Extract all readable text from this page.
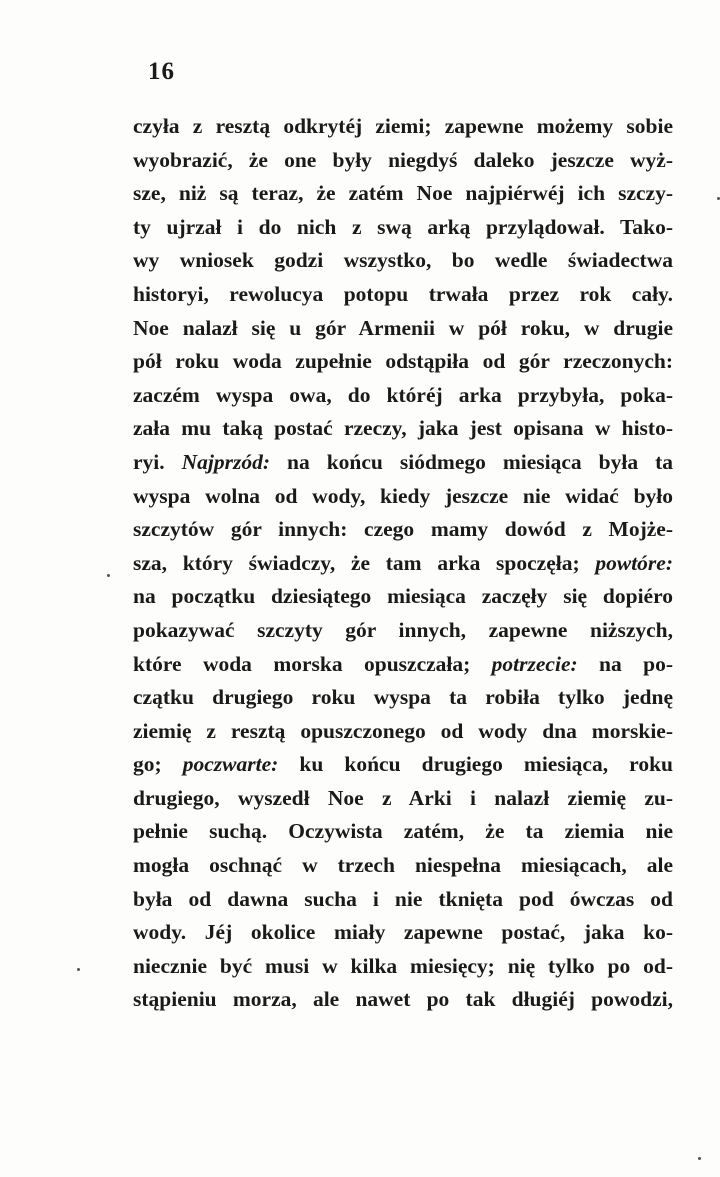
16
czyła z resztą odkrytéj ziemi; zapewne możemy sobie
wyobrazić, że one były niegdyś daleko jeszcze wyż-
sze, niż są teraz, że zatém Noe najpiérwéj ich szczy-
ty ujrzał i do nich z swą arką przylądował. Tako-
wy wniosek godzi wszystko, bo wedle świadectwa
historyi, rewolucya potopu trwała przez rok cały.
Noe nalazł się u gór Armenii w pół roku, w drugie
pół roku woda zupełnie odstąpiła od gór rzeczonych:
zaczém wyspa owa, do któréj arka przybyła, poka-
zała mu taką postać rzeczy, jaka jest opisana w histo-
ryi. Najprzód: na końcu siódmego miesiąca była ta
wyspa wolna od wody, kiedy jeszcze nie widać było
szczytów gór innych: czego mamy dowód z Mojże-
sza, który świadczy, że tam arka spoczęła; powtóre:
na początku dziesiątego miesiąca zaczęły się dopiéro
pokazywać szczyty gór innych, zapewne niższych,
które woda morska opuszczała; potrzecie: na po-
czątku drugiego roku wyspa ta robiła tylko jednę
ziemię z resztą opuszczonego od wody dna morskie-
go; poczwarte: ku końcu drugiego miesiąca, roku
drugiego, wyszedł Noe z Arki i nalazł ziemię zu-
pełnie suchą. Oczywista zatém, że ta ziemia nie
mogła oschnąć w trzech niespełna miesiącach, ale
była od dawna sucha i nie tknięta pod ówczas od
wody. Jéj okolice miały zapewne postać, jaka ko-
niecznie być musi w kilka miesięcy; nię tylko po od-
stąpieniu morza, ale nawet po tak długiéj powodzi,
